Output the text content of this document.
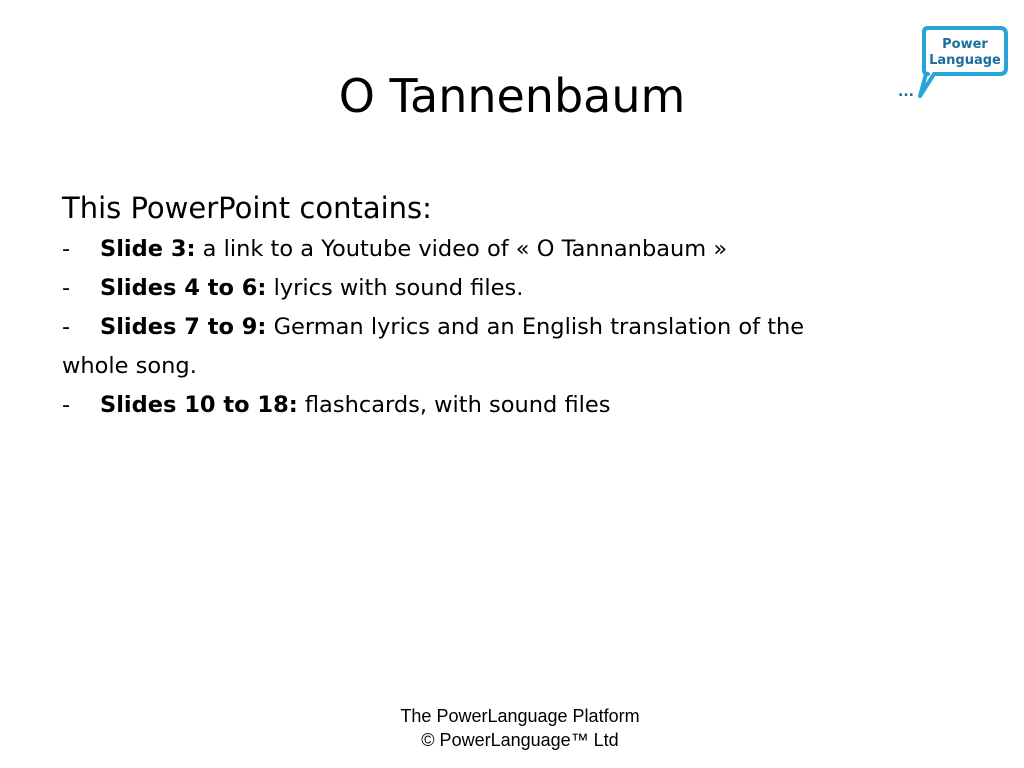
Power
Language
...
O Tannenbaum

This PowerPoint contains:

- Slide 3: a link to a Youtube video of « O Tannanbaum »

- Slides 4 to 6: lyrics with sound files.

- Slides 7 to 9: German lyrics and an English translation of the

whole song.

- Slides 10 to 18: flashcards, with sound files

The PowerLanguage Platform
© PowerLanguage™ Ltd
